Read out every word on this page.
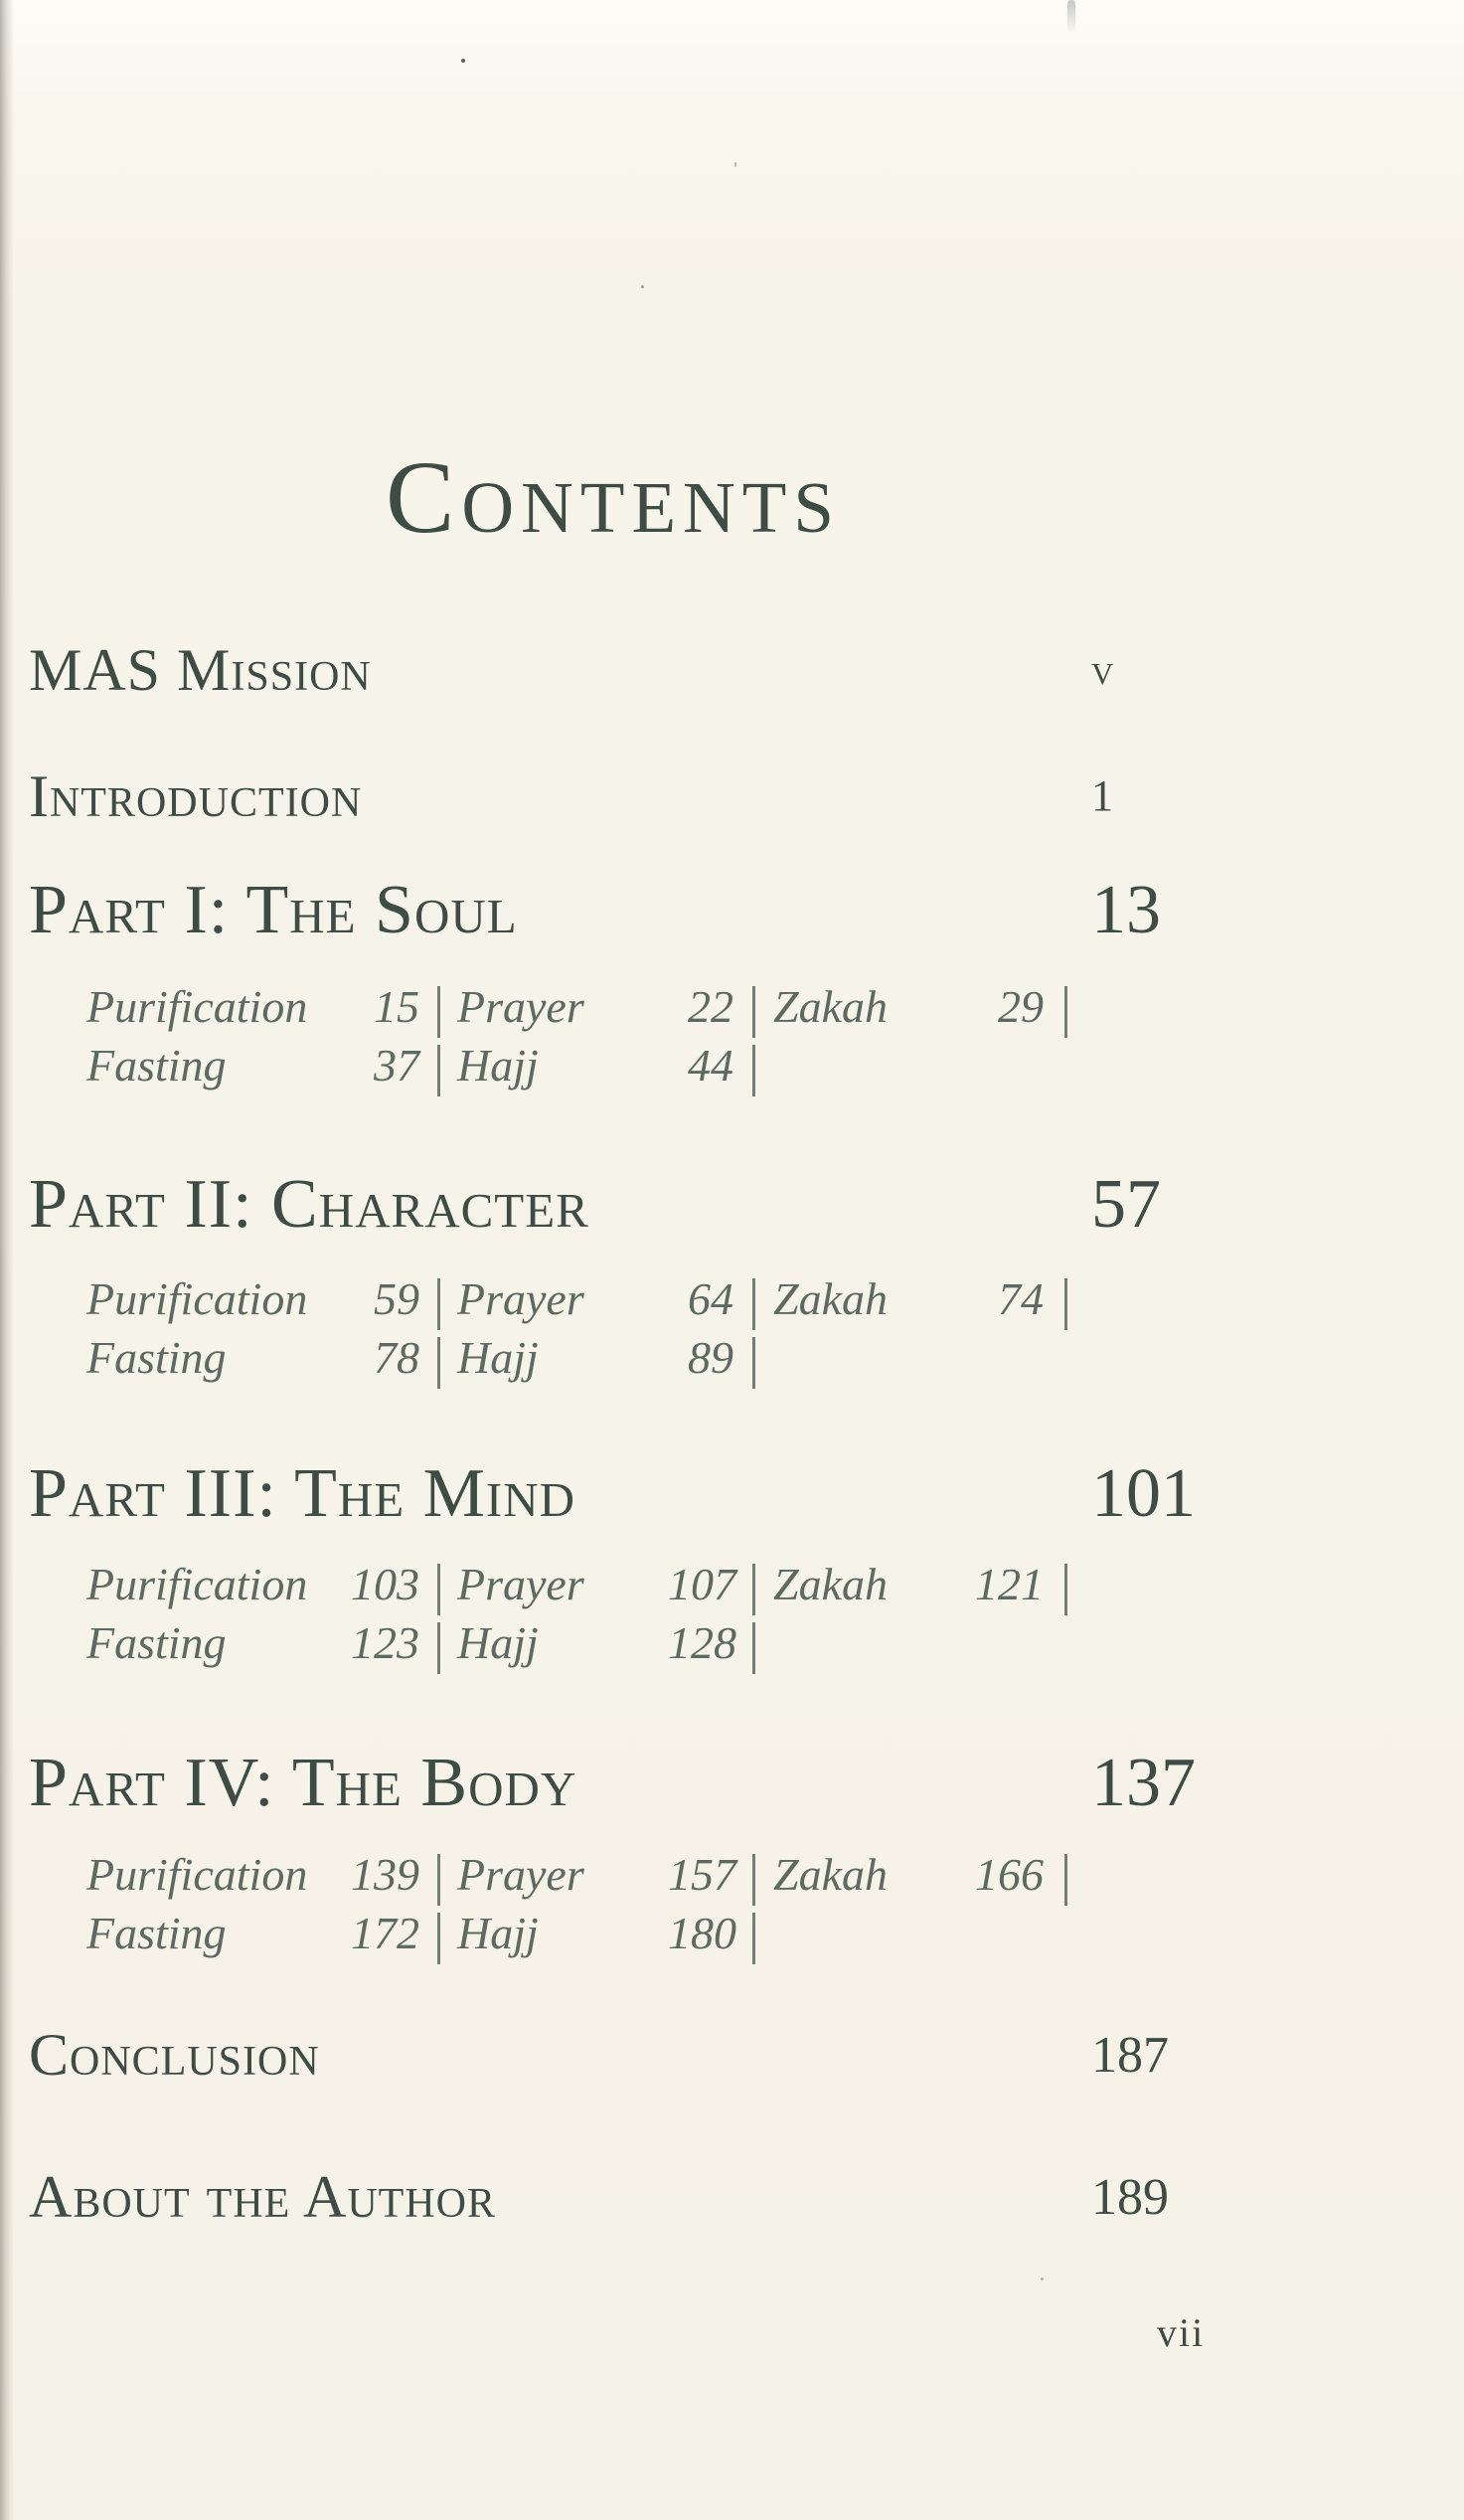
Contents
MAS Mission	v
Introduction	1
Part I: The Soul	13
Purification	15 Prayer	22 Zakah	29
Fasting	37 Hajj	44
Part II: Character	57
Purification	59 Prayer	64 Zakah	74
Fasting	78 Hajj	89
Part III: The Mind	101
Purification 103 Prayer	107 Zakah	121
Fasting	123 Hajj	128
Part IV: The Body	137
Purification 139 Prayer	157 Zakah	166
Fasting	172 Hajj	180
Conclusion	187
About the Author	189
vii
